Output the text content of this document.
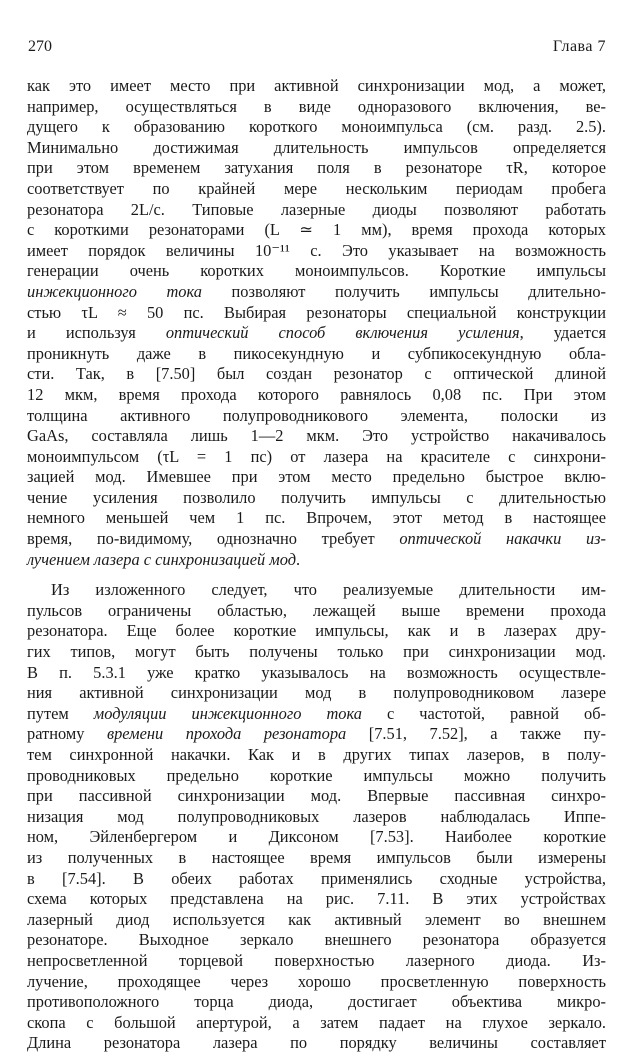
270	Глава 7
как это имеет место при активной синхронизации мод, а может,
например, осуществляться в виде одноразового включения, ве-
дущего к образованию короткого моноимпульса (см. разд. 2.5).
Минимально достижимая длительность импульсов определяется
при этом временем затухания поля в резонаторе τR, которое
соответствует по крайней мере нескольким периодам пробега
резонатора 2L/c. Типовые лазерные диоды позволяют работать
с короткими резонаторами (L ≃ 1 мм), время прохода которых
имеет порядок величины 10⁻¹¹ с. Это указывает на возможность
генерации очень коротких моноимпульсов. Короткие импульсы
инжекционного тока позволяют получить импульсы длительно-
стью τL ≈ 50 пс. Выбирая резонаторы специальной конструкции
и используя оптический способ включения усиления, удается
проникнуть даже в пикосекундную и субпикосекундную обла-
сти. Так, в [7.50] был создан резонатор с оптической длиной
12 мкм, время прохода которого равнялось 0,08 пс. При этом
толщина активного полупроводникового элемента, полоски из
GaAs, составляла лишь 1—2 мкм. Это устройство накачивалось
моноимпульсом (τL = 1 пс) от лазера на красителе с синхрони-
зацией мод. Имевшее при этом место предельно быстрое вклю-
чение усиления позволило получить импульсы с длительностью
немного меньшей чем 1 пс. Впрочем, этот метод в настоящее
время, по-видимому, однозначно требует оптической накачки из-
лучением лазера с синхронизацией мод.
Из изложенного следует, что реализуемые длительности им-
пульсов ограничены областью, лежащей выше времени прохода
резонатора. Еще более короткие импульсы, как и в лазерах дру-
гих типов, могут быть получены только при синхронизации мод.
В п. 5.3.1 уже кратко указывалось на возможность осуществле-
ния активной синхронизации мод в полупроводниковом лазере
путем модуляции инжекционного тока с частотой, равной об-
ратному времени прохода резонатора [7.51, 7.52], а также пу-
тем синхронной накачки. Как и в других типах лазеров, в полу-
проводниковых предельно короткие импульсы можно получить
при пассивной синхронизации мод. Впервые пассивная синхро-
низация мод полупроводниковых лазеров наблюдалась Иппе-
ном, Эйленбергером и Диксоном [7.53]. Наиболее короткие
из полученных в настоящее время импульсов были измерены
в [7.54]. В обеих работах применялись сходные устройства,
схема которых представлена на рис. 7.11. В этих устройствах
лазерный диод используется как активный элемент во внешнем
резонаторе. Выходное зеркало внешнего резонатора образуется
непросветленной торцевой поверхностью лазерного диода. Из-
лучение, проходящее через хорошо просветленную поверхность
противоположного торца диода, достигает объектива микро-
скопа с большой апертурой, а затем падает на глухое зеркало.
Длина резонатора лазера по порядку величины составляет
